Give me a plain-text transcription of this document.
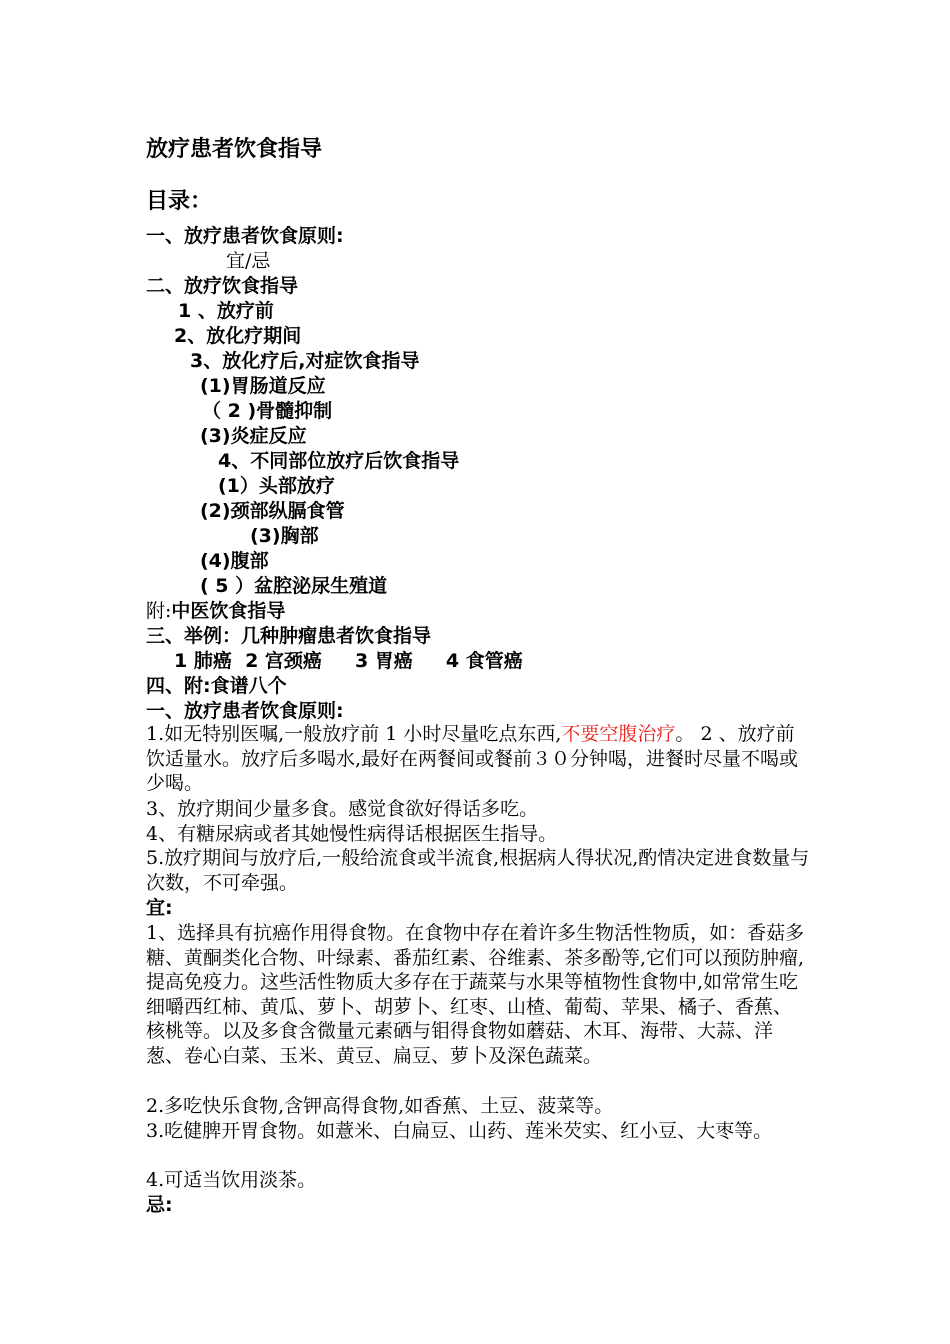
放疗患者饮食指导
目录：
一、放疗患者饮食原则:
宜/忌
二、放疗饮食指导
1 、放疗前
2、放化疗期间
3、放化疗后,对症饮食指导
(1)胃肠道反应
（ 2 )骨髓抑制
(3)炎症反应
4、不同部位放疗后饮食指导
(1）头部放疗
(2)颈部纵膈食管
(3)胸部
(4)腹部
( 5 ）盆腔泌尿生殖道
附:中医饮食指导
三、举例：几种肿瘤患者饮食指导
1 肺癌  2 宫颈癌     3 胃癌     4 食管癌
四、附:食谱八个
一、放疗患者饮食原则:
1.如无特别医嘱,一般放疗前 1 小时尽量吃点东西,不要空腹治疗。 2 、放疗前饮适量水。放疗后多喝水,最好在两餐间或餐前３０分钟喝，进餐时尽量不喝或少喝。
3、放疗期间少量多食。感觉食欲好得话多吃。
4、有糖尿病或者其她慢性病得话根据医生指导。
5.放疗期间与放疗后,一般给流食或半流食,根据病人得状况,酌情决定进食数量与次数，不可牵强。
宜:
1、选择具有抗癌作用得食物。在食物中存在着许多生物活性物质，如：香菇多糖、黄酮类化合物、叶绿素、番茄红素、谷维素、茶多酚等,它们可以预防肿瘤,提高免疫力。这些活性物质大多存在于蔬菜与水果等植物性食物中,如常常生吃细嚼西红柿、黄瓜、萝卜、胡萝卜、红枣、山楂、葡萄、苹果、橘子、香蕉、核桃等。以及多食含微量元素硒与钼得食物如蘑菇、木耳、海带、大蒜、洋葱、卷心白菜、玉米、黄豆、扁豆、萝卜及深色蔬菜。
2.多吃快乐食物,含钾高得食物,如香蕉、土豆、菠菜等。
3.吃健脾开胃食物。如薏米、白扁豆、山药、莲米芡实、红小豆、大枣等。
4.可适当饮用淡茶。
忌:
